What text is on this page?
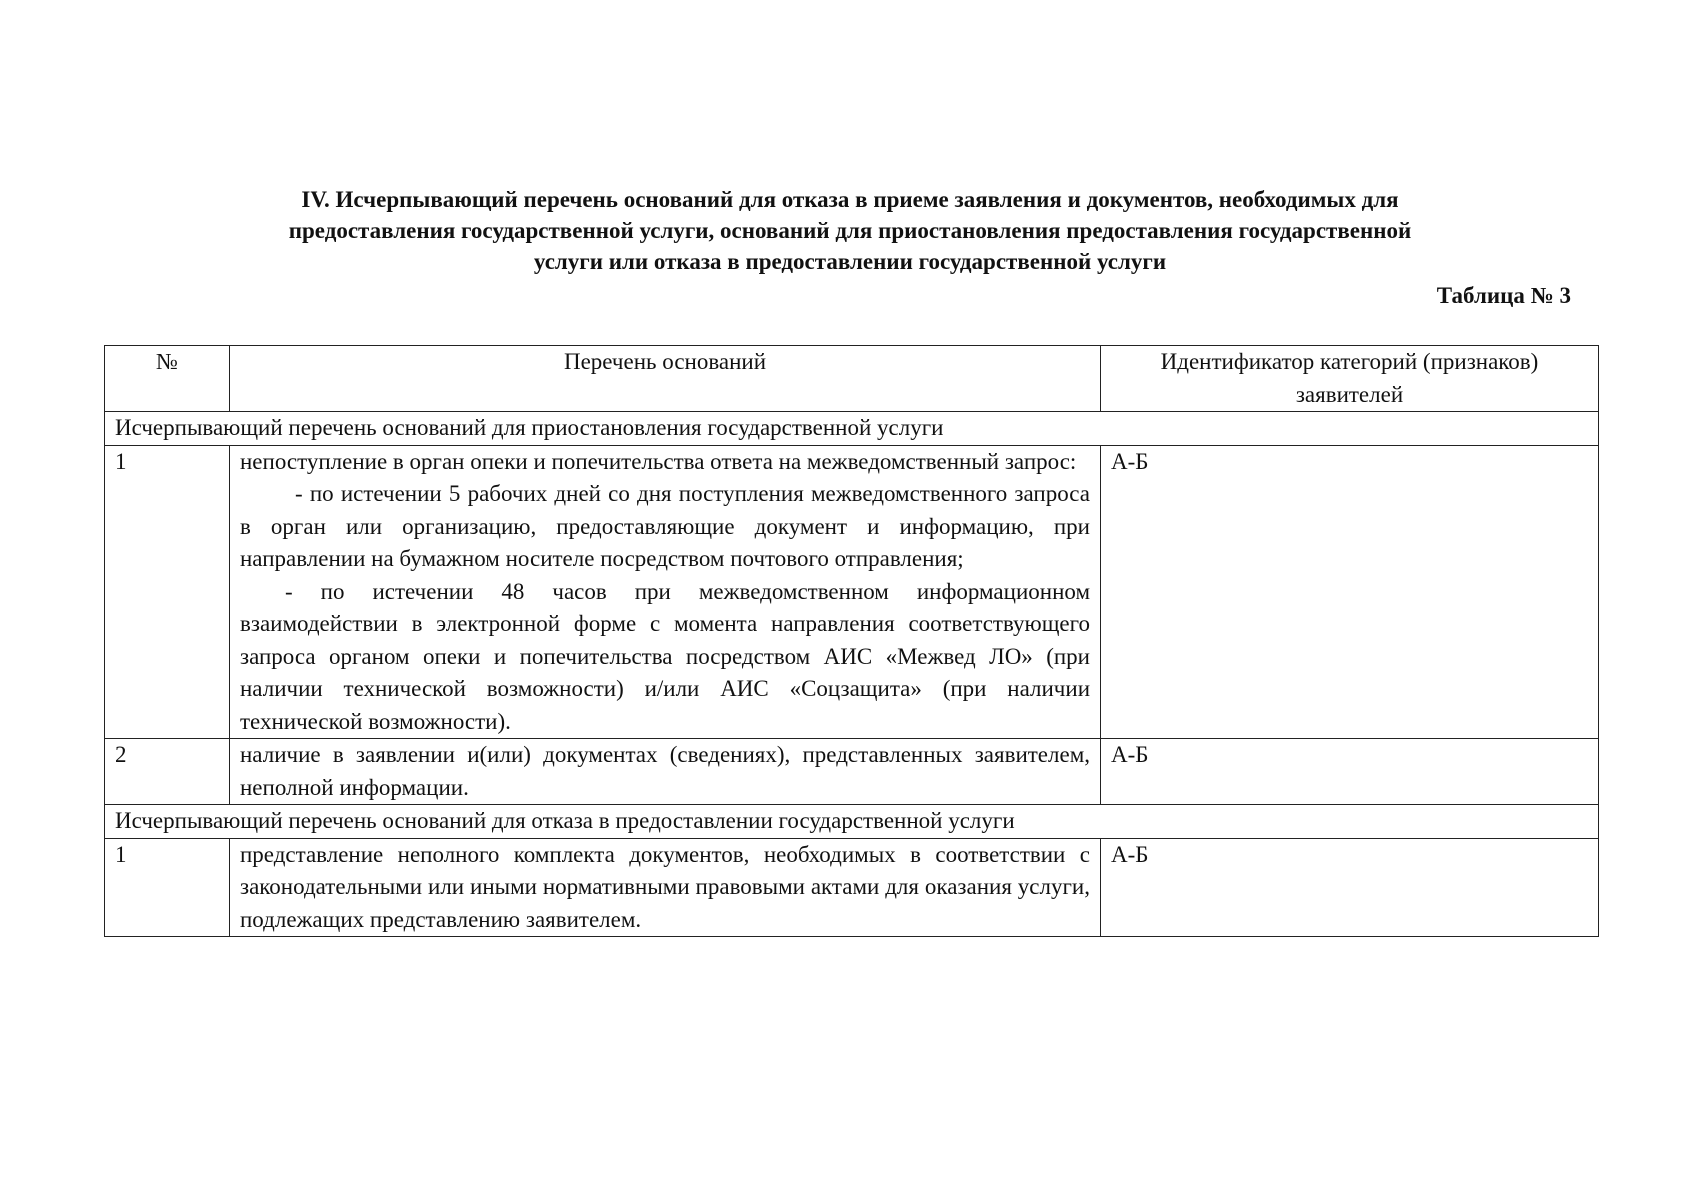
IV. Исчерпывающий перечень оснований для отказа в приеме заявления и документов, необходимых для
предоставления государственной услуги, оснований для приостановления предоставления государственной
услуги или отказа в предоставлении государственной услуги
Таблица № 3
№	Перечень оснований	Идентификатор категорий (признаков) заявителей
Исчерпывающий перечень оснований для приостановления государственной услуги		
1	непоступление в орган опеки и попечительства ответа на межведомственный запрос:

- по истечении 5 рабочих дней со дня поступления межведомственного запроса в орган или организацию, предоставляющие документ и информацию, при направлении на бумажном носителе посредством почтового отправления;

- по истечении 48 часов при межведомственном информационном взаимодействии в электронной форме с момента направления соответствующего запроса органом опеки и попечительства посредством АИС «Межвед ЛО» (при наличии технической возможности) и/или АИС «Соцзащита» (при наличии технической возможности).	А-Б
2	наличие в заявлении и(или) документах (сведениях), представленных заявителем, неполной информации.	А-Б
Исчерпывающий перечень оснований для отказа в предоставлении государственной услуги		
1	представление неполного комплекта документов, необходимых в соответствии с законодательными или иными нормативными правовыми актами для оказания услуги, подлежащих представлению заявителем.	А-Б
